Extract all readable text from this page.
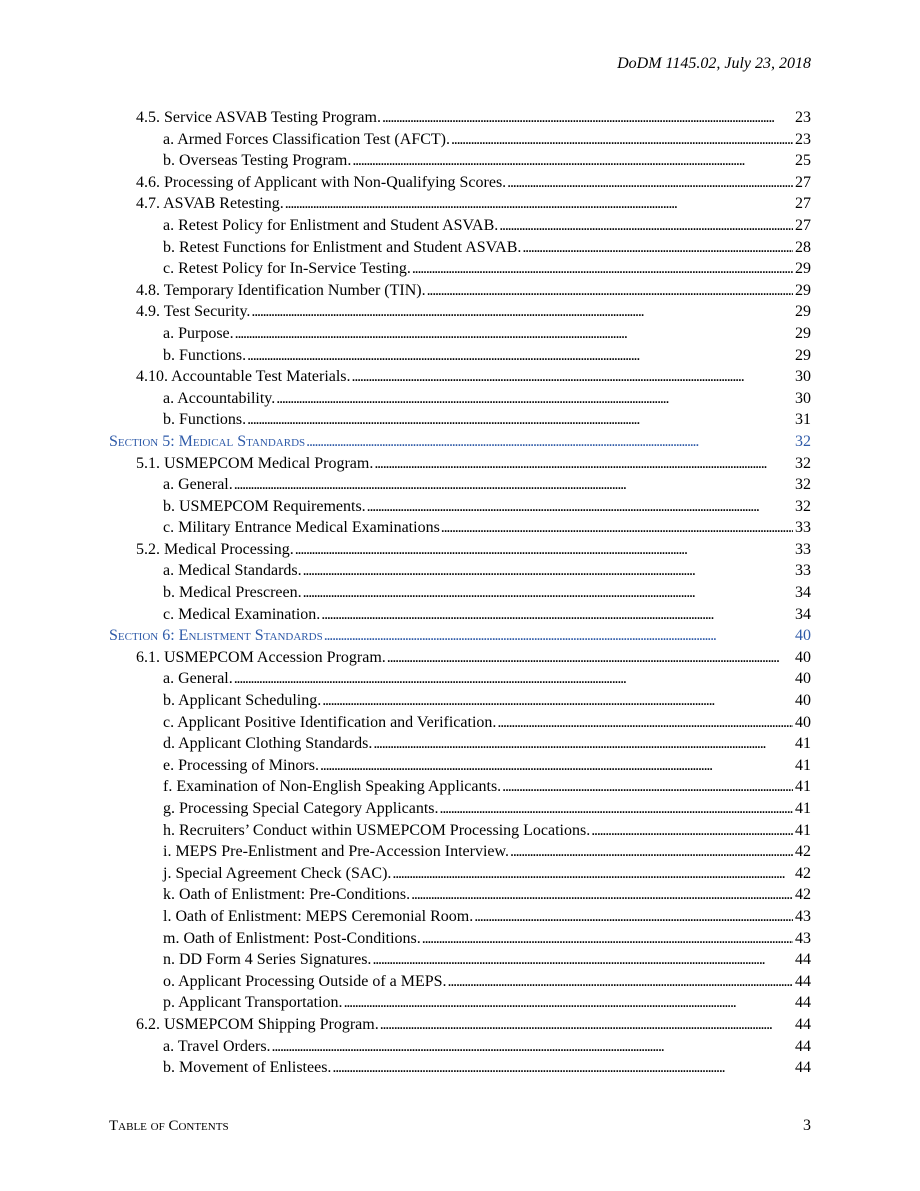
DoDM 1145.02, July 23, 2018
4.5. Service ASVAB Testing Program. . . .	23
a. Armed Forces Classification Test (AFCT). . . .	23
b. Overseas Testing Program. . . .	25
4.6. Processing of Applicant with Non-Qualifying Scores. . . .	27
4.7. ASVAB Retesting. . . .	27
a. Retest Policy for Enlistment and Student ASVAB. . . .	27
b. Retest Functions for Enlistment and Student ASVAB. . . .	28
c. Retest Policy for In-Service Testing. . . .	29
4.8. Temporary Identification Number (TIN). . . .	29
4.9. Test Security. . . .	29
a. Purpose. . . .	29
b. Functions. . . .	29
4.10. Accountable Test Materials. . . .	30
a. Accountability. . . .	30
b. Functions. . . .	31
Section 5: Medical Standards . . .	32
5.1. USMEPCOM Medical Program. . . .	32
a. General. . . .	32
b. USMEPCOM Requirements. . . .	32
c. Military Entrance Medical Examinations . . .	33
5.2. Medical Processing. . . .	33
a. Medical Standards. . . .	33
b. Medical Prescreen. . . .	34
c. Medical Examination. . . .	34
Section 6: Enlistment Standards . . .	40
6.1. USMEPCOM Accession Program. . . .	40
a. General. . . .	40
b. Applicant Scheduling. . . .	40
c. Applicant Positive Identification and Verification. . . .	40
d. Applicant Clothing Standards. . . .	41
e. Processing of Minors. . . .	41
f. Examination of Non-English Speaking Applicants. . . .	41
g. Processing Special Category Applicants. . . .	41
h. Recruiters’ Conduct within USMEPCOM Processing Locations. . . .	41
i. MEPS Pre-Enlistment and Pre-Accession Interview. . . .	42
j. Special Agreement Check (SAC). . . .	42
k. Oath of Enlistment: Pre-Conditions. . . .	42
l. Oath of Enlistment: MEPS Ceremonial Room. . . .	43
m. Oath of Enlistment: Post-Conditions. . . .	43
n. DD Form 4 Series Signatures. . . .	44
o. Applicant Processing Outside of a MEPS. . . .	44
p. Applicant Transportation. . . .	44
6.2. USMEPCOM Shipping Program. . . .	44
a. Travel Orders. . . .	44
b. Movement of Enlistees. . . .	44
Table of Contents	3
